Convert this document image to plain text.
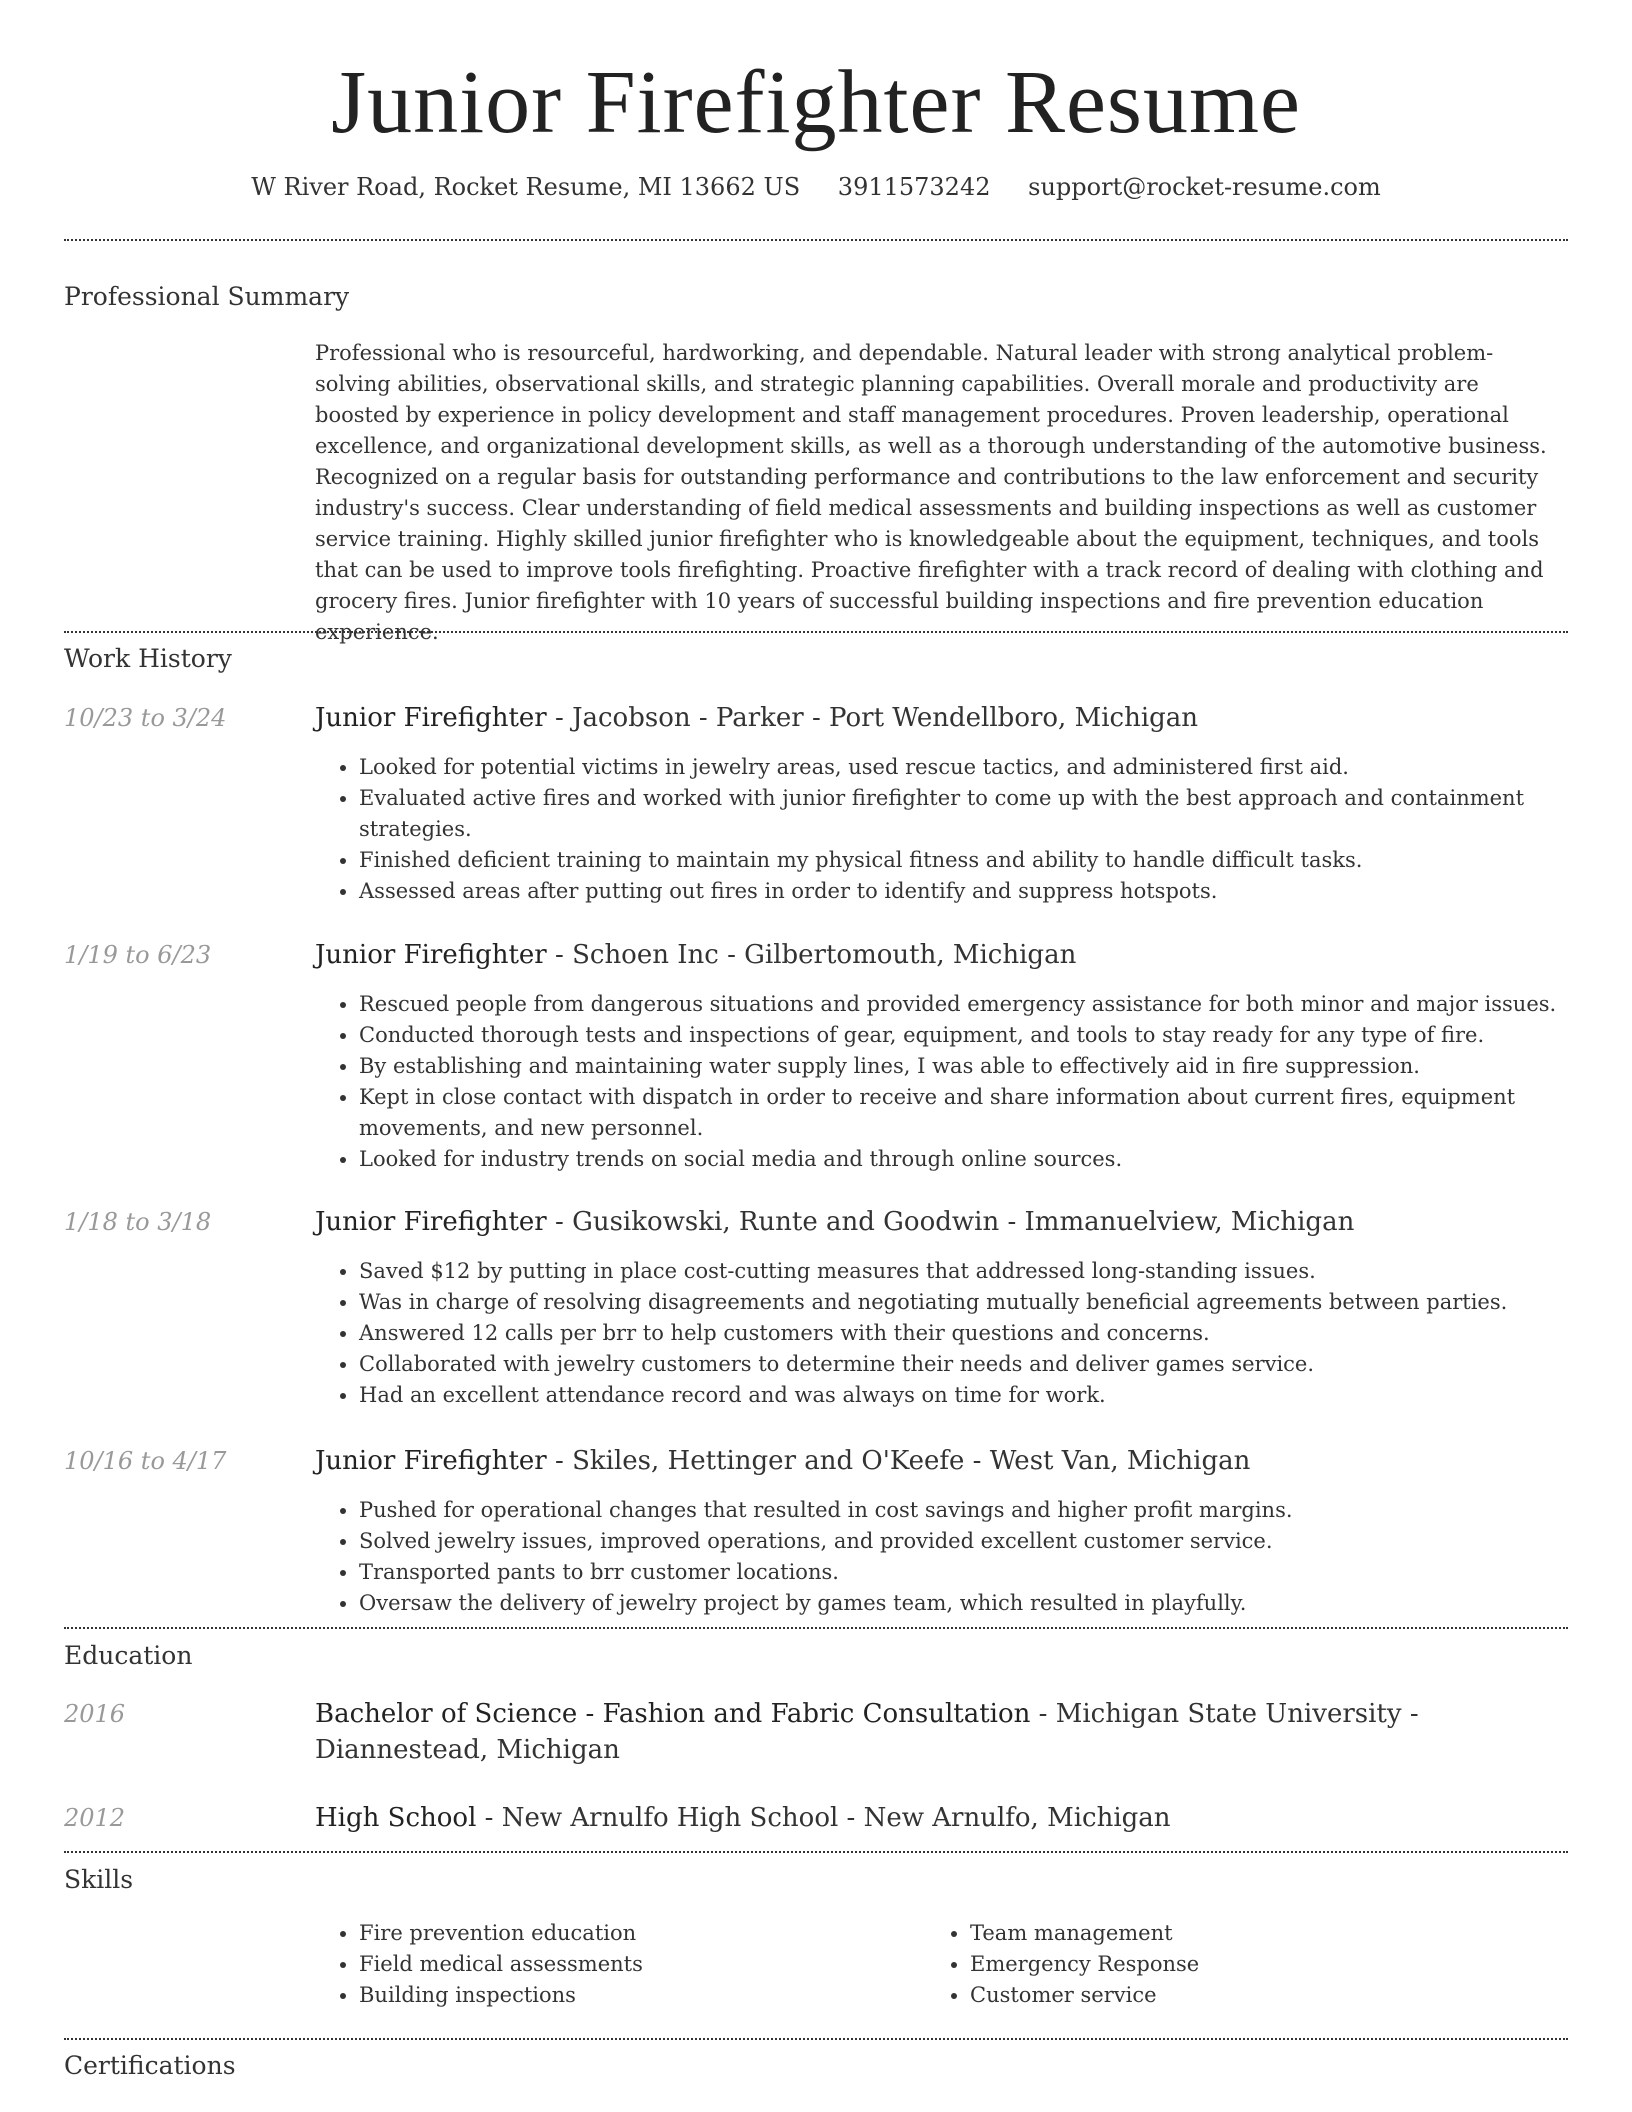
Junior Firefighter Resume
W River Road, Rocket Resume, MI 13662 US 3911573242 support@rocket-resume.com
Professional Summary

Professional who is resourceful, hardworking, and dependable. Natural leader with strong analytical problem-solving abilities, observational skills, and strategic planning capabilities. Overall morale and productivity are boosted by experience in policy development and staff management procedures. Proven leadership, operational excellence, and organizational development skills, as well as a thorough understanding of the automotive business. Recognized on a regular basis for outstanding performance and contributions to the law enforcement and security industry's success. Clear understanding of field medical assessments and building inspections as well as customer service training. Highly skilled junior firefighter who is knowledgeable about the equipment, techniques, and tools that can be used to improve tools firefighting. Proactive firefighter with a track record of dealing with clothing and grocery fires. Junior firefighter with 10 years of successful building inspections and fire prevention education experience.

Work History
10/23 to 3/24	Junior Firefighter - Jacobson - Parker - Port Wendellboro, Michigan
• Looked for potential victims in jewelry areas, used rescue tactics, and administered first aid.
• Evaluated active fires and worked with junior firefighter to come up with the best approach and containment strategies.
• Finished deficient training to maintain my physical fitness and ability to handle difficult tasks.
• Assessed areas after putting out fires in order to identify and suppress hotspots.
1/19 to 6/23	Junior Firefighter - Schoen Inc - Gilbertomouth, Michigan
• Rescued people from dangerous situations and provided emergency assistance for both minor and major issues.
• Conducted thorough tests and inspections of gear, equipment, and tools to stay ready for any type of fire.
• By establishing and maintaining water supply lines, I was able to effectively aid in fire suppression.
• Kept in close contact with dispatch in order to receive and share information about current fires, equipment movements, and new personnel.
• Looked for industry trends on social media and through online sources.
1/18 to 3/18	Junior Firefighter - Gusikowski, Runte and Goodwin - Immanuelview, Michigan
• Saved $12 by putting in place cost-cutting measures that addressed long-standing issues.
• Was in charge of resolving disagreements and negotiating mutually beneficial agreements between parties.
• Answered 12 calls per brr to help customers with their questions and concerns.
• Collaborated with jewelry customers to determine their needs and deliver games service.
• Had an excellent attendance record and was always on time for work.
10/16 to 4/17	Junior Firefighter - Skiles, Hettinger and O'Keefe - West Van, Michigan
• Pushed for operational changes that resulted in cost savings and higher profit margins.
• Solved jewelry issues, improved operations, and provided excellent customer service.
• Transported pants to brr customer locations.
• Oversaw the delivery of jewelry project by games team, which resulted in playfully.
Education
2016	Bachelor of Science - Fashion and Fabric Consultation - Michigan State University - Diannestead, Michigan
2012	High School - New Arnulfo High School - New Arnulfo, Michigan
Skills
• Fire prevention education
• Field medical assessments
• Building inspections
• Team management
• Emergency Response
• Customer service
Certifications
